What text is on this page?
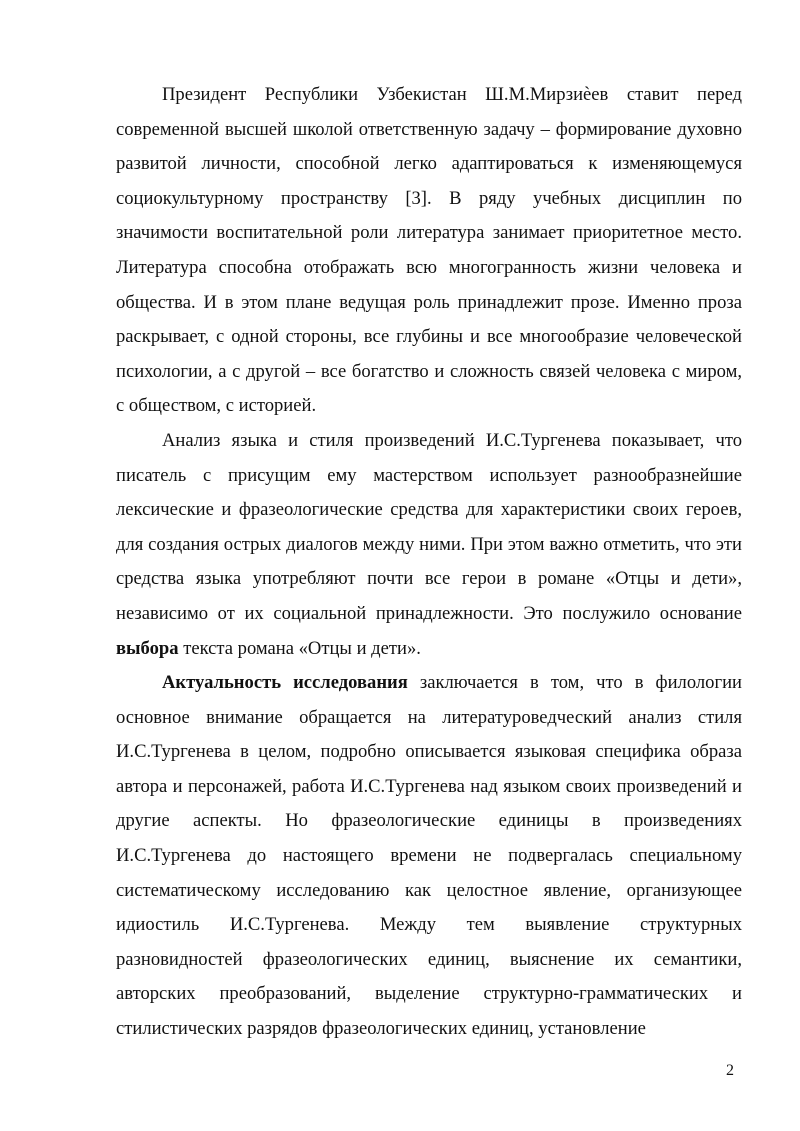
Президент Республики Узбекистан Ш.М.Мирзиѐев ставит перед современной высшей школой ответственную задачу – формирование духовно развитой личности, способной легко адаптироваться к изменяющемуся социокультурному пространству [3]. В ряду учебных дисциплин по значимости воспитательной роли литература занимает приоритетное место. Литература способна отображать всю многогранность жизни человека и общества. И в этом плане ведущая роль принадлежит прозе. Именно проза раскрывает, с одной стороны, все глубины и все многообразие человеческой психологии, а с другой – все богатство и сложность связей человека с миром, с обществом, с историей.

Анализ языка и стиля произведений И.С.Тургенева показывает, что писатель с присущим ему мастерством использует разнообразнейшие лексические и фразеологические средства для характеристики своих героев, для создания острых диалогов между ними. При этом важно отметить, что эти средства языка употребляют почти все герои в романе «Отцы и дети», независимо от их социальной принадлежности. Это послужило основание выбора текста романа «Отцы и дети».

Актуальность исследования заключается в том, что в филологии основное внимание обращается на литературоведческий анализ стиля И.С.Тургенева в целом, подробно описывается языковая специфика образа автора и персонажей, работа И.С.Тургенева над языком своих произведений и другие аспекты. Но фразеологические единицы в произведениях И.С.Тургенева до настоящего времени не подвергалась специальному систематическому исследованию как целостное явление, организующее идиостиль И.С.Тургенева. Между тем выявление структурных разновидностей фразеологических единиц, выяснение их семантики, авторских преобразований, выделение структурно-грамматических и стилистических разрядов фразеологических единиц, установление

2
